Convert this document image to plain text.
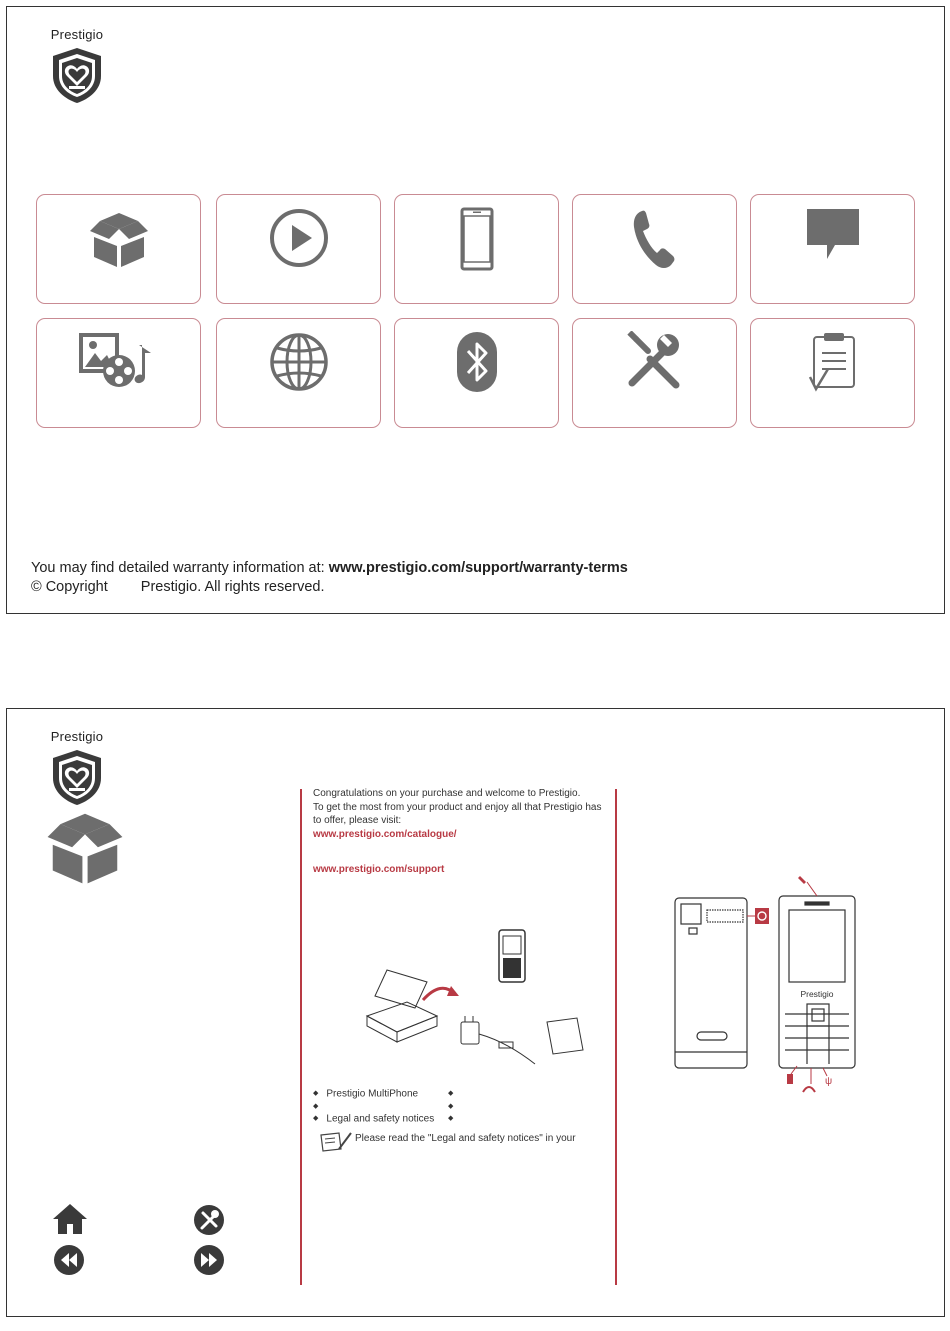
Prestigio
You may find detailed warranty information at: www.prestigio.com/support/warranty-terms
© Copyright Prestigio. All rights reserved.
Prestigio
Congratulations on your purchase and welcome to Prestigio.
To get the most from your product and enjoy all that Prestigio has
to offer, please visit:
www.prestigio.com/catalogue/
www.prestigio.com/support
◆ Prestigio MultiPhone	◆
◆	◆
◆ Legal and safety notices	◆
Please read the "Legal and safety notices" in your
Prestigio
ψ
